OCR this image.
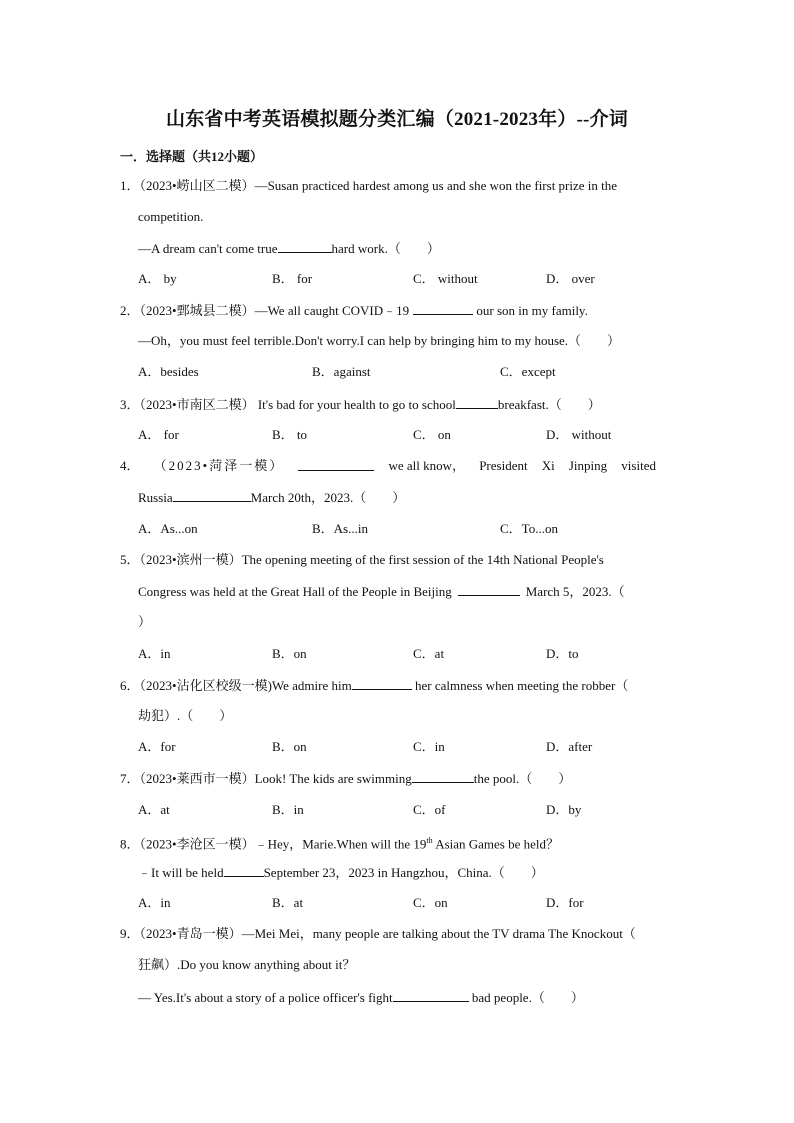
山东省中考英语模拟题分类汇编（2021-2023年）--介词
一．选择题（共12小题）
1．（2023•崂山区二模）—Susan practiced hardest among us and she won the first prize in the
competition.
—A dream can't come true	hard work.（　　）
A． by	B． for	C． without	D． over
2．（2023•鄄城县二模）—We all caught COVID﹣19	our son in my family.
—Oh，you must feel terrible.Don't worry.I can help by bringing him to my house.（　　）
A．besides	B．against	C．except
3．（2023•市南区二模） It's bad for your health to go to school	breakfast.（　　）
A． for	B． to	C． on	D． without
4． （2023•菏泽一模）	we all know， President Xi Jinping visited
Russia	March 20th，2023.（　　）
A．As...on	B．As...in	C．To...on
5．（2023•滨州一模）The opening meeting of the first session of the 14th National People's
Congress was held at the Great Hall of the People in Beijing	March 5，2023.（
）
A．in	B．on	C．at	D．to
6．（2023•沾化区校级一模)We admire him	her calmness when meeting the robber（
劫犯）.（　　）
A．for	B．on	C．in	D．after
7．（2023•莱西市一模）Look! The kids are swimming	the pool.（　　）
A．at	B．in	C．of	D．by
8．（2023•李沧区一模）﹣Hey，Marie.When will the 19th Asian Games be held？
﹣It will be held	September 23，2023 in Hangzhou，China.（　　）
A．in	B．at	C．on	D．for
9．（2023•青岛一模）—Mei Mei，many people are talking about the TV drama The Knockout（
狂飙）.Do you know anything about it？
— Yes.It's about a story of a police officer's fight	bad people.（　　）
